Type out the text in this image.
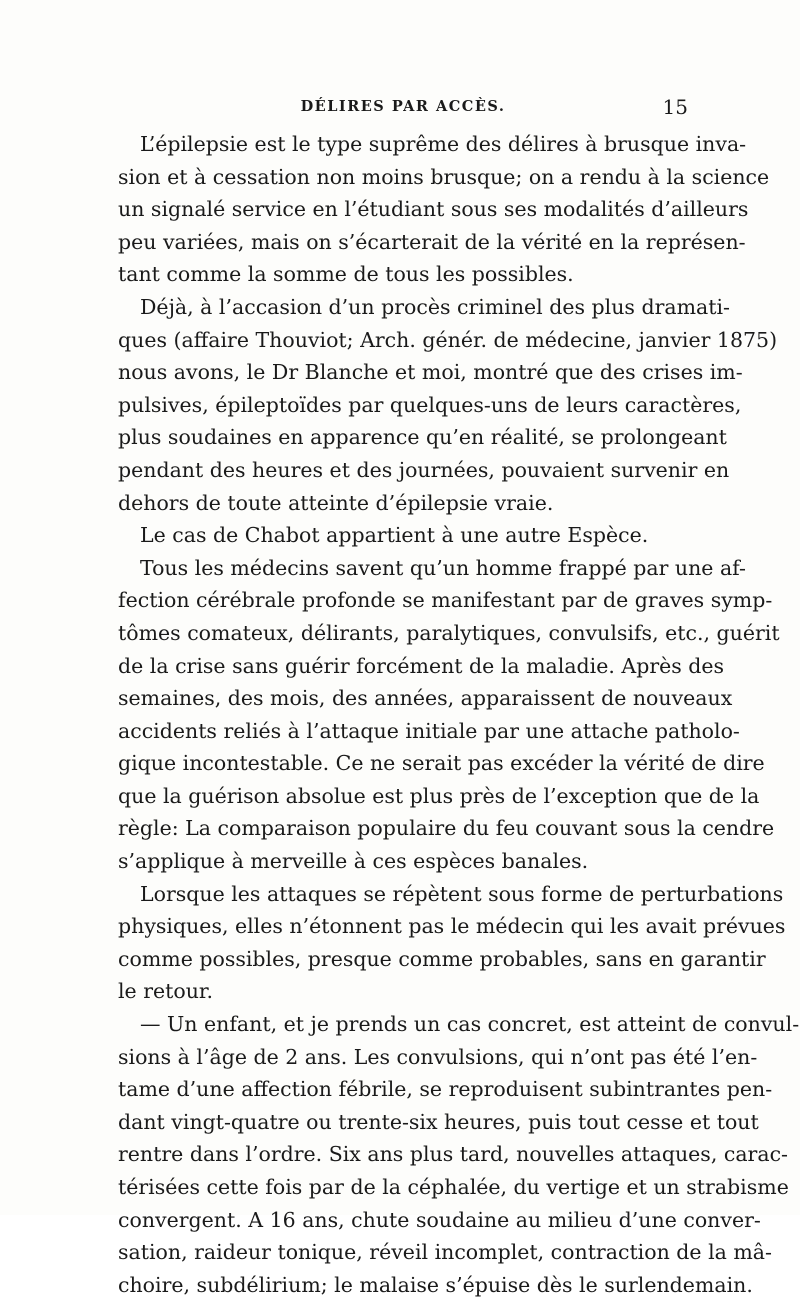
DÉLIRES PAR ACCÈS.	15
L’épilepsie est le type suprême des délires à brusque inva-
sion et à cessation non moins brusque; on a rendu à la science
un signalé service en l’étudiant sous ses modalités d’ailleurs
peu variées, mais on s’écarterait de la vérité en la représen-
tant comme la somme de tous les possibles.
Déjà, à l’accasion d’un procès criminel des plus dramati-
ques (affaire Thouviot; Arch. génér. de médecine, janvier 1875)
nous avons, le Dr Blanche et moi, montré que des crises im-
pulsives, épileptoïdes par quelques-uns de leurs caractères,
plus soudaines en apparence qu’en réalité, se prolongeant
pendant des heures et des journées, pouvaient survenir en
dehors de toute atteinte d’épilepsie vraie.
Le cas de Chabot appartient à une autre Espèce.
Tous les médecins savent qu’un homme frappé par une af-
fection cérébrale profonde se manifestant par de graves symp-
tômes comateux, délirants, paralytiques, convulsifs, etc., guérit
de la crise sans guérir forcément de la maladie. Après des
semaines, des mois, des années, apparaissent de nouveaux
accidents reliés à l’attaque initiale par une attache patholo-
gique incontestable. Ce ne serait pas excéder la vérité de dire
que la guérison absolue est plus près de l’exception que de la
règle: La comparaison populaire du feu couvant sous la cendre
s’applique à merveille à ces espèces banales.
Lorsque les attaques se répètent sous forme de perturbations
physiques, elles n’étonnent pas le médecin qui les avait prévues
comme possibles, presque comme probables, sans en garantir
le retour.
— Un enfant, et je prends un cas concret, est atteint de convul-
sions à l’âge de 2 ans. Les convulsions, qui n’ont pas été l’en-
tame d’une affection fébrile, se reproduisent subintrantes pen-
dant vingt-quatre ou trente-six heures, puis tout cesse et tout
rentre dans l’ordre. Six ans plus tard, nouvelles attaques, carac-
térisées cette fois par de la céphalée, du vertige et un strabisme
convergent. A 16 ans, chute soudaine au milieu d’une conver-
sation, raideur tonique, réveil incomplet, contraction de la mâ-
choire, subdélirium; le malaise s’épuise dès le surlendemain.
